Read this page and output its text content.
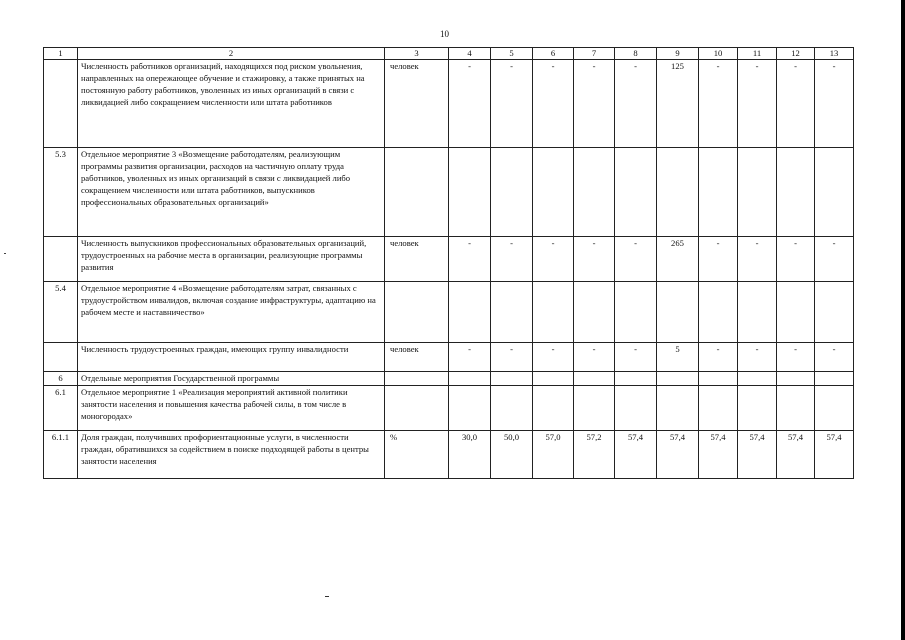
10
1	2	3	4	5	6	7	8	9	10	11	12	13
	Численность работников организаций, находящихся под риском увольнения, направленных на опережающее обучение и стажировку, а также принятых на постоянную работу работников, уволенных из иных организаций в связи с ликвидацией либо сокращением численности или штата работников	человек	-	-	-	-	-	125	-	-	-	-
5.3	Отдельное мероприятие 3 «Возмещение работодателям, реализующим программы развития организации, расходов на частичную оплату труда работников, уволенных из иных организаций в связи с ликвидацией либо сокращением численности или штата работников, выпускников профессиональных образовательных организаций»											
	Численность выпускников профессиональных образовательных организаций, трудоустроенных на рабочие места в организации, реализующие программы развития	человек	-	-	-	-	-	265	-	-	-	-
5.4	Отдельное мероприятие 4 «Возмещение работодателям затрат, связанных с трудоустройством инвалидов, включая создание инфраструктуры, адаптацию на рабочем месте и наставничество»											
	Численность трудоустроенных граждан, имеющих группу инвалидности	человек	-	-	-	-	-	5	-	-	-	-
6	Отдельные мероприятия Государственной программы											
6.1	Отдельное мероприятие 1 «Реализация мероприятий активной политики занятости населения и повышения качества рабочей силы, в том числе в моногородах»											
6.1.1	Доля граждан, получивших профориентационные услуги, в численности граждан, обратившихся за содействием в поиске подходящей работы в центры занятости населения	%	30,0	50,0	57,0	57,2	57,4	57,4	57,4	57,4	57,4	57,4
